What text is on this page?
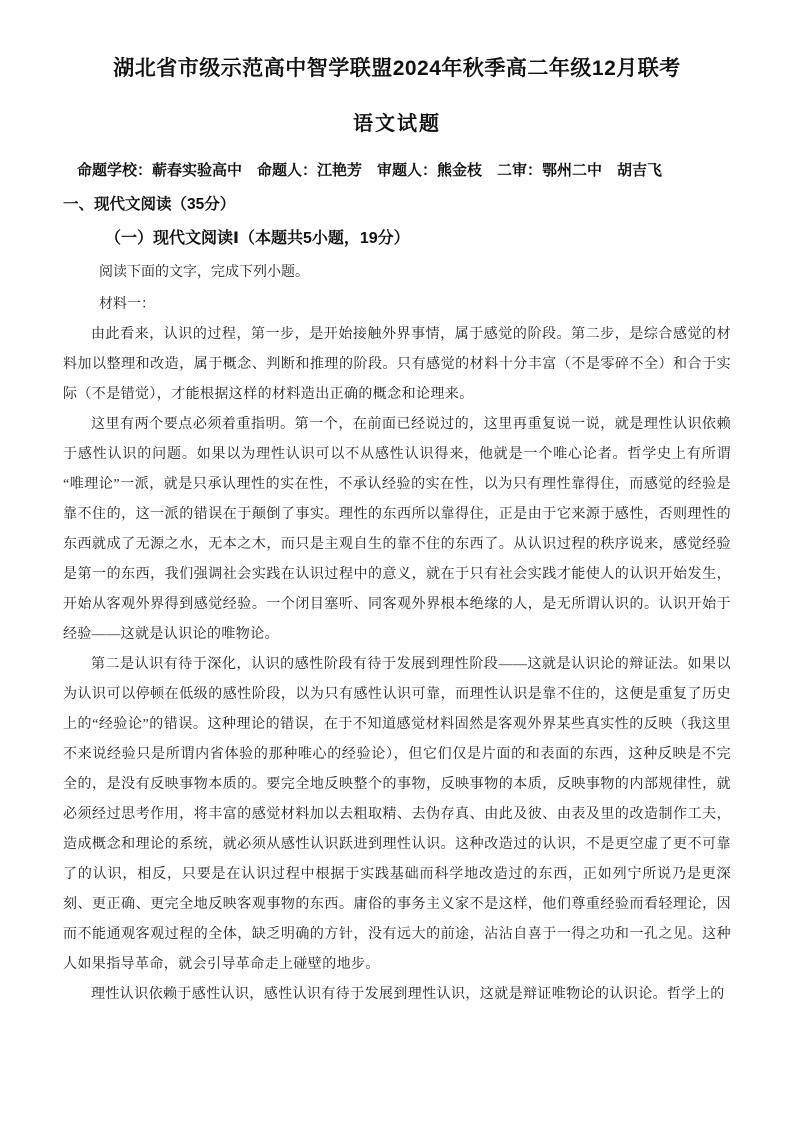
湖北省市级示范高中智学联盟2024年秋季高二年级12月联考
语文试题
命题学校：蕲春实验高中　命题人：江艳芳　审题人：熊金枝　二审：鄂州二中　胡吉飞
一、现代文阅读（35分）
（一）现代文阅读Ⅰ（本题共5小题，19分）
阅读下面的文字，完成下列小题。
材料一：

由此看来，认识的过程，第一步，是开始接触外界事情，属于感觉的阶段。第二步，是综合感觉的材料加以整理和改造，属于概念、判断和推理的阶段。只有感觉的材料十分丰富（不是零碎不全）和合于实际（不是错觉），才能根据这样的材料造出正确的概念和论理来。

这里有两个要点必须着重指明。第一个，在前面已经说过的，这里再重复说一说，就是理性认识依赖于感性认识的问题。如果以为理性认识可以不从感性认识得来，他就是一个唯心论者。哲学史上有所谓“唯理论”一派，就是只承认理性的实在性，不承认经验的实在性，以为只有理性靠得住，而感觉的经验是靠不住的，这一派的错误在于颠倒了事实。理性的东西所以靠得住，正是由于它来源于感性，否则理性的东西就成了无源之水，无本之木，而只是主观自生的靠不住的东西了。从认识过程的秩序说来，感觉经验是第一的东西，我们强调社会实践在认识过程中的意义，就在于只有社会实践才能使人的认识开始发生，开始从客观外界得到感觉经验。一个闭目塞听、同客观外界根本绝缘的人，是无所谓认识的。认识开始于经验——这就是认识论的唯物论。

第二是认识有待于深化，认识的感性阶段有待于发展到理性阶段——这就是认识论的辩证法。如果以为认识可以停顿在低级的感性阶段，以为只有感性认识可靠，而理性认识是靠不住的，这便是重复了历史上的“经验论”的错误。这种理论的错误，在于不知道感觉材料固然是客观外界某些真实性的反映（我这里不来说经验只是所谓内省体验的那种唯心的经验论），但它们仅是片面的和表面的东西，这种反映是不完全的，是没有反映事物本质的。要完全地反映整个的事物，反映事物的本质，反映事物的内部规律性，就必须经过思考作用，将丰富的感觉材料加以去粗取精、去伪存真、由此及彼、由表及里的改造制作工夫，造成概念和理论的系统，就必须从感性认识跃进到理性认识。这种改造过的认识，不是更空虚了更不可靠了的认识，相反，只要是在认识过程中根据于实践基础而科学地改造过的东西，正如列宁所说乃是更深刻、更正确、更完全地反映客观事物的东西。庸俗的事务主义家不是这样，他们尊重经验而看轻理论，因而不能通观客观过程的全体，缺乏明确的方针，没有远大的前途，沾沾自喜于一得之功和一孔之见。这种人如果指导革命，就会引导革命走上碰壁的地步。

理性认识依赖于感性认识，感性认识有待于发展到理性认识，这就是辩证唯物论的认识论。哲学上的
